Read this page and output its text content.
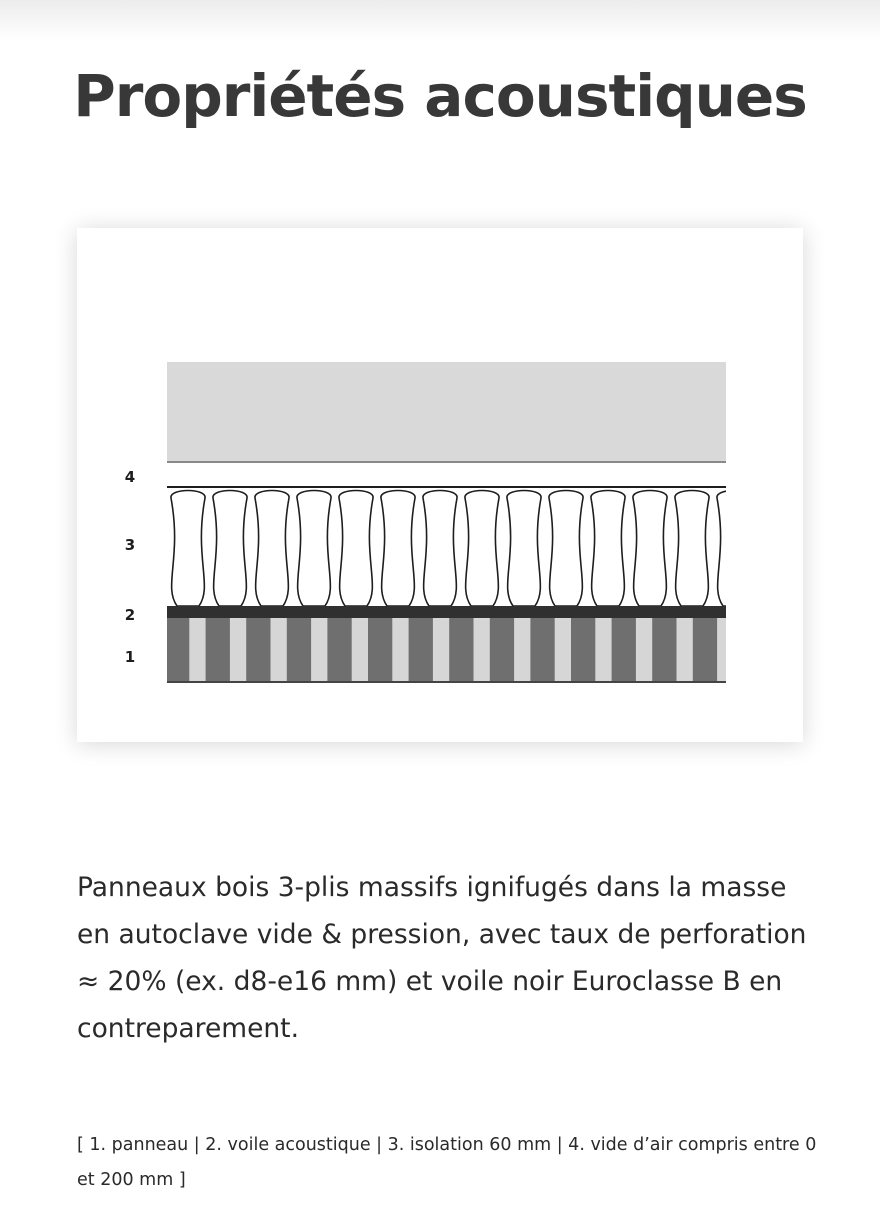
Propriétés acoustiques
4
3
2
1

Panneaux bois 3-plis massifs ignifugés dans la masse en autoclave vide & pression, avec taux de perforation ≈ 20% (ex. d8-e16 mm) et voile noir Euroclasse B en contreparement.

[ 1. panneau | 2. voile acoustique | 3. isolation 60 mm | 4. vide d’air compris entre 0 et 200 mm ]
